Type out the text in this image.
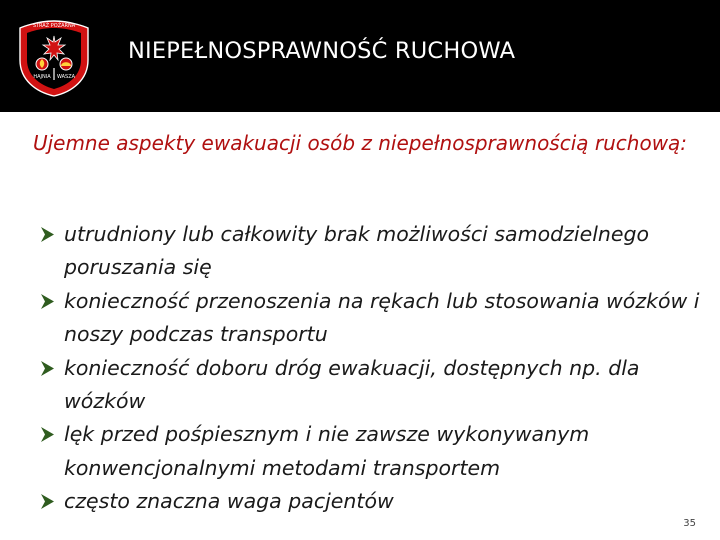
STRAŻ POŻARNA
HAJNIA WASZA
NIEPEŁNOSPRAWNOŚĆ RUCHOWA
Ujemne aspekty ewakuacji osób z niepełnosprawnością ruchową:
utrudniony lub całkowity brak możliwości samodzielnego poruszania się
konieczność przenoszenia na rękach lub stosowania wózków i noszy podczas transportu
konieczność doboru dróg ewakuacji, dostępnych np. dla wózków
lęk przed pośpiesznym i nie zawsze wykonywanym konwencjonalnymi metodami transportem
często znaczna waga pacjentów
35
